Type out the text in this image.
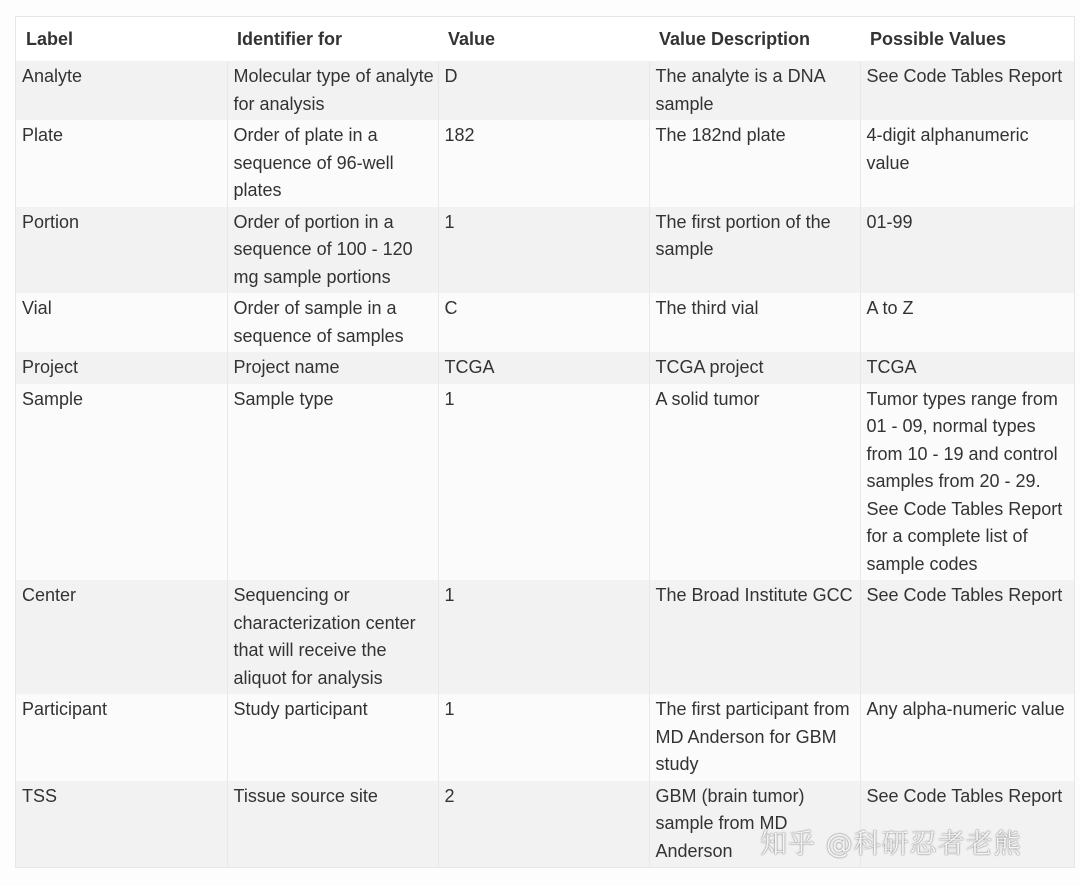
Label	Identifier for	Value	Value Description	Possible Values
Analyte	Molecular type of analyte for analysis	D	The analyte is a DNA sample	See Code Tables Report
Plate	Order of plate in a sequence of 96-well plates	182	The 182nd plate	4-digit alphanumeric value
Portion	Order of portion in a sequence of 100 - 120 mg sample portions	1	The first portion of the sample	01-99
Vial	Order of sample in a sequence of samples	C	The third vial	A to Z
Project	Project name	TCGA	TCGA project	TCGA
Sample	Sample type	1	A solid tumor	Tumor types range from 01 - 09, normal types from 10 - 19 and control samples from 20 - 29. See Code Tables Report for a complete list of sample codes
Center	Sequencing or characterization center that will receive the aliquot for analysis	1	The Broad Institute GCC	See Code Tables Report
Participant	Study participant	1	The first participant from MD Anderson for GBM study	Any alpha-numeric value
TSS	Tissue source site	2	GBM (brain tumor) sample from MD Anderson	See Code Tables Report
知乎 @科研忍者老熊
